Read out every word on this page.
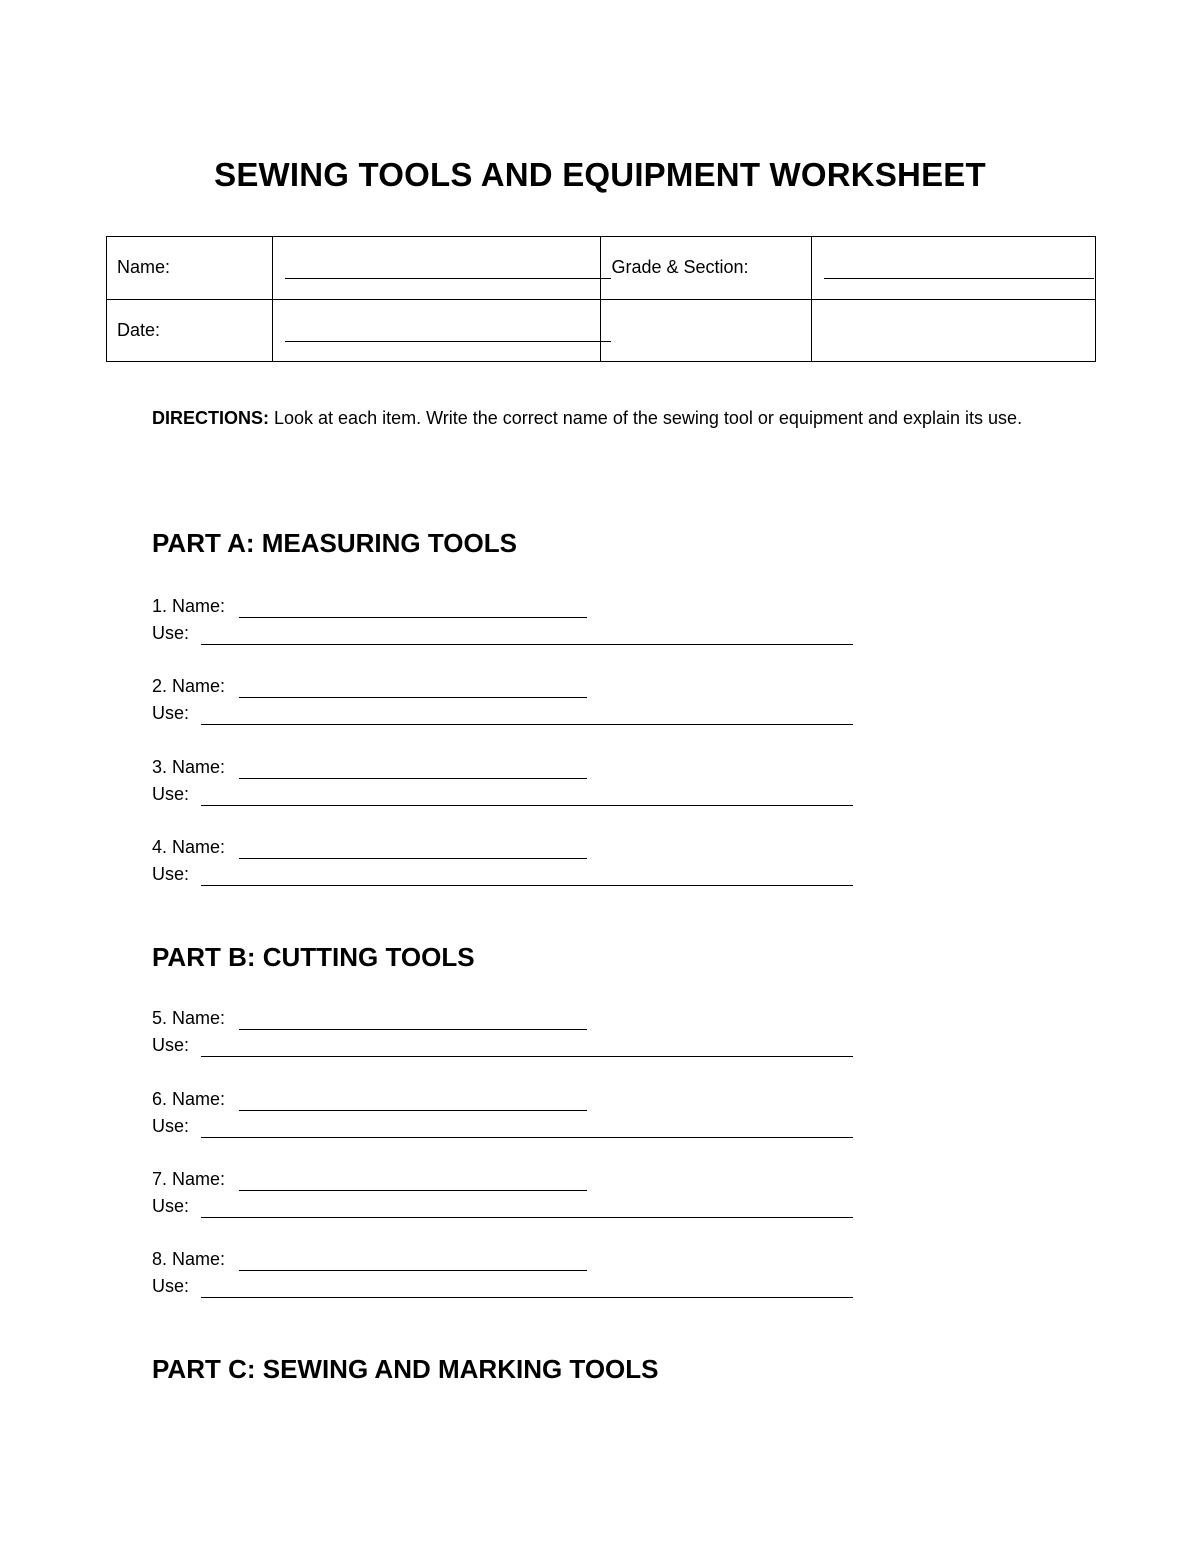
SEWING TOOLS AND EQUIPMENT WORKSHEET
Name:		Grade & Section:	

Date:	

DIRECTIONS: Look at each item. Write the correct name of the sewing tool or equipment and explain its use.
PART A: MEASURING TOOLS
1. Name:
Use:
2. Name:
Use:
3. Name:
Use:
4. Name:
Use:
PART B: CUTTING TOOLS
5. Name:
Use:
6. Name:
Use:
7. Name:
Use:
8. Name:
Use:
PART C: SEWING AND MARKING TOOLS
